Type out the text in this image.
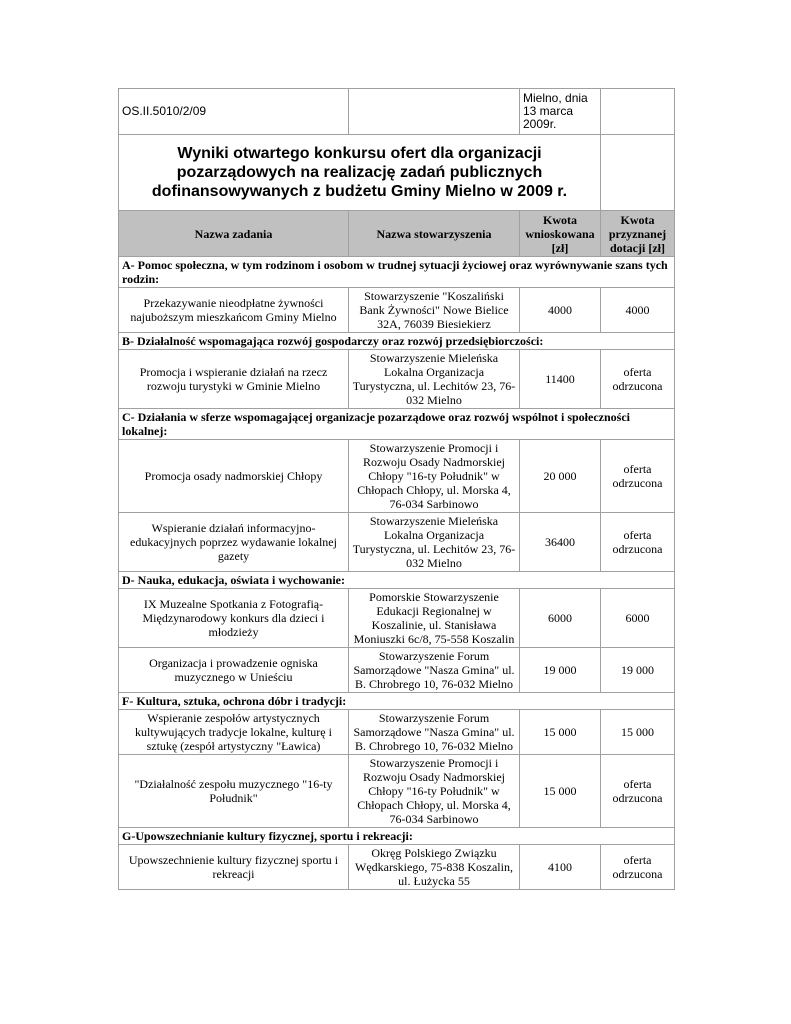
OS.II.5010/2/09		Mielno, dnia 13 marca 2009r.	
Wyniki otwartego konkursu ofert dla organizacji pozarządowych na realizację zadań publicznych dofinansowywanych z budżetu Gminy Mielno w 2009 r.			
Nazwa zadania	Nazwa stowarzyszenia	Kwota wnioskowana [zł]	Kwota przyznanej dotacji [zł]
A- Pomoc społeczna, w tym rodzinom i osobom w trudnej sytuacji życiowej oraz wyrównywanie szans tych rodzin:			
Przekazywanie nieodpłatne żywności najuboższym mieszkańcom Gminy Mielno	Stowarzyszenie "Koszaliński Bank Żywności" Nowe Bielice 32A, 76039 Biesiekierz	4000	4000
B- Działalność wspomagająca rozwój gospodarczy oraz rozwój przedsiębiorczości:			
Promocja i wspieranie działań na rzecz rozwoju turystyki w Gminie Mielno	Stowarzyszenie Mieleńska Lokalna Organizacja Turystyczna, ul. Lechitów 23, 76-032 Mielno	11400	oferta odrzucona
C- Działania w sferze wspomagającej organizacje pozarządowe oraz rozwój wspólnot i społeczności lokalnej:			
Promocja osady nadmorskiej Chłopy	Stowarzyszenie Promocji i Rozwoju Osady Nadmorskiej Chłopy "16-ty Południk" w Chłopach Chłopy, ul. Morska 4, 76-034 Sarbinowo	20 000	oferta odrzucona
Wspieranie działań informacyjno-edukacyjnych poprzez wydawanie lokalnej gazety	Stowarzyszenie Mieleńska Lokalna Organizacja Turystyczna, ul. Lechitów 23, 76-032 Mielno	36400	oferta odrzucona
D- Nauka, edukacja, oświata i wychowanie:			
IX Muzealne Spotkania z Fotografią- Międzynarodowy konkurs dla dzieci i młodzieży	Pomorskie Stowarzyszenie Edukacji Regionalnej w Koszalinie, ul. Stanisława Moniuszki 6c/8, 75-558 Koszalin	6000	6000
Organizacja i prowadzenie ogniska muzycznego w Unieściu	Stowarzyszenie Forum Samorządowe "Nasza Gmina" ul. B. Chrobrego 10, 76-032 Mielno	19 000	19 000
F- Kultura, sztuka, ochrona dóbr i tradycji:			
Wspieranie zespołów artystycznych kultywujących tradycje lokalne, kulturę i sztukę (zespół artystyczny "Ławica)	Stowarzyszenie Forum Samorządowe "Nasza Gmina" ul. B. Chrobrego 10, 76-032 Mielno	15 000	15 000
"Działalność zespołu muzycznego "16-ty Południk"	Stowarzyszenie Promocji i Rozwoju Osady Nadmorskiej Chłopy "16-ty Południk" w Chłopach Chłopy, ul. Morska 4, 76-034 Sarbinowo	15 000	oferta odrzucona
G-Upowszechnianie kultury fizycznej, sportu i rekreacji:			
Upowszechnienie kultury fizycznej sportu i rekreacji	Okręg Polskiego Związku Wędkarskiego, 75-838 Koszalin, ul. Łużycka 55	4100	oferta odrzucona
